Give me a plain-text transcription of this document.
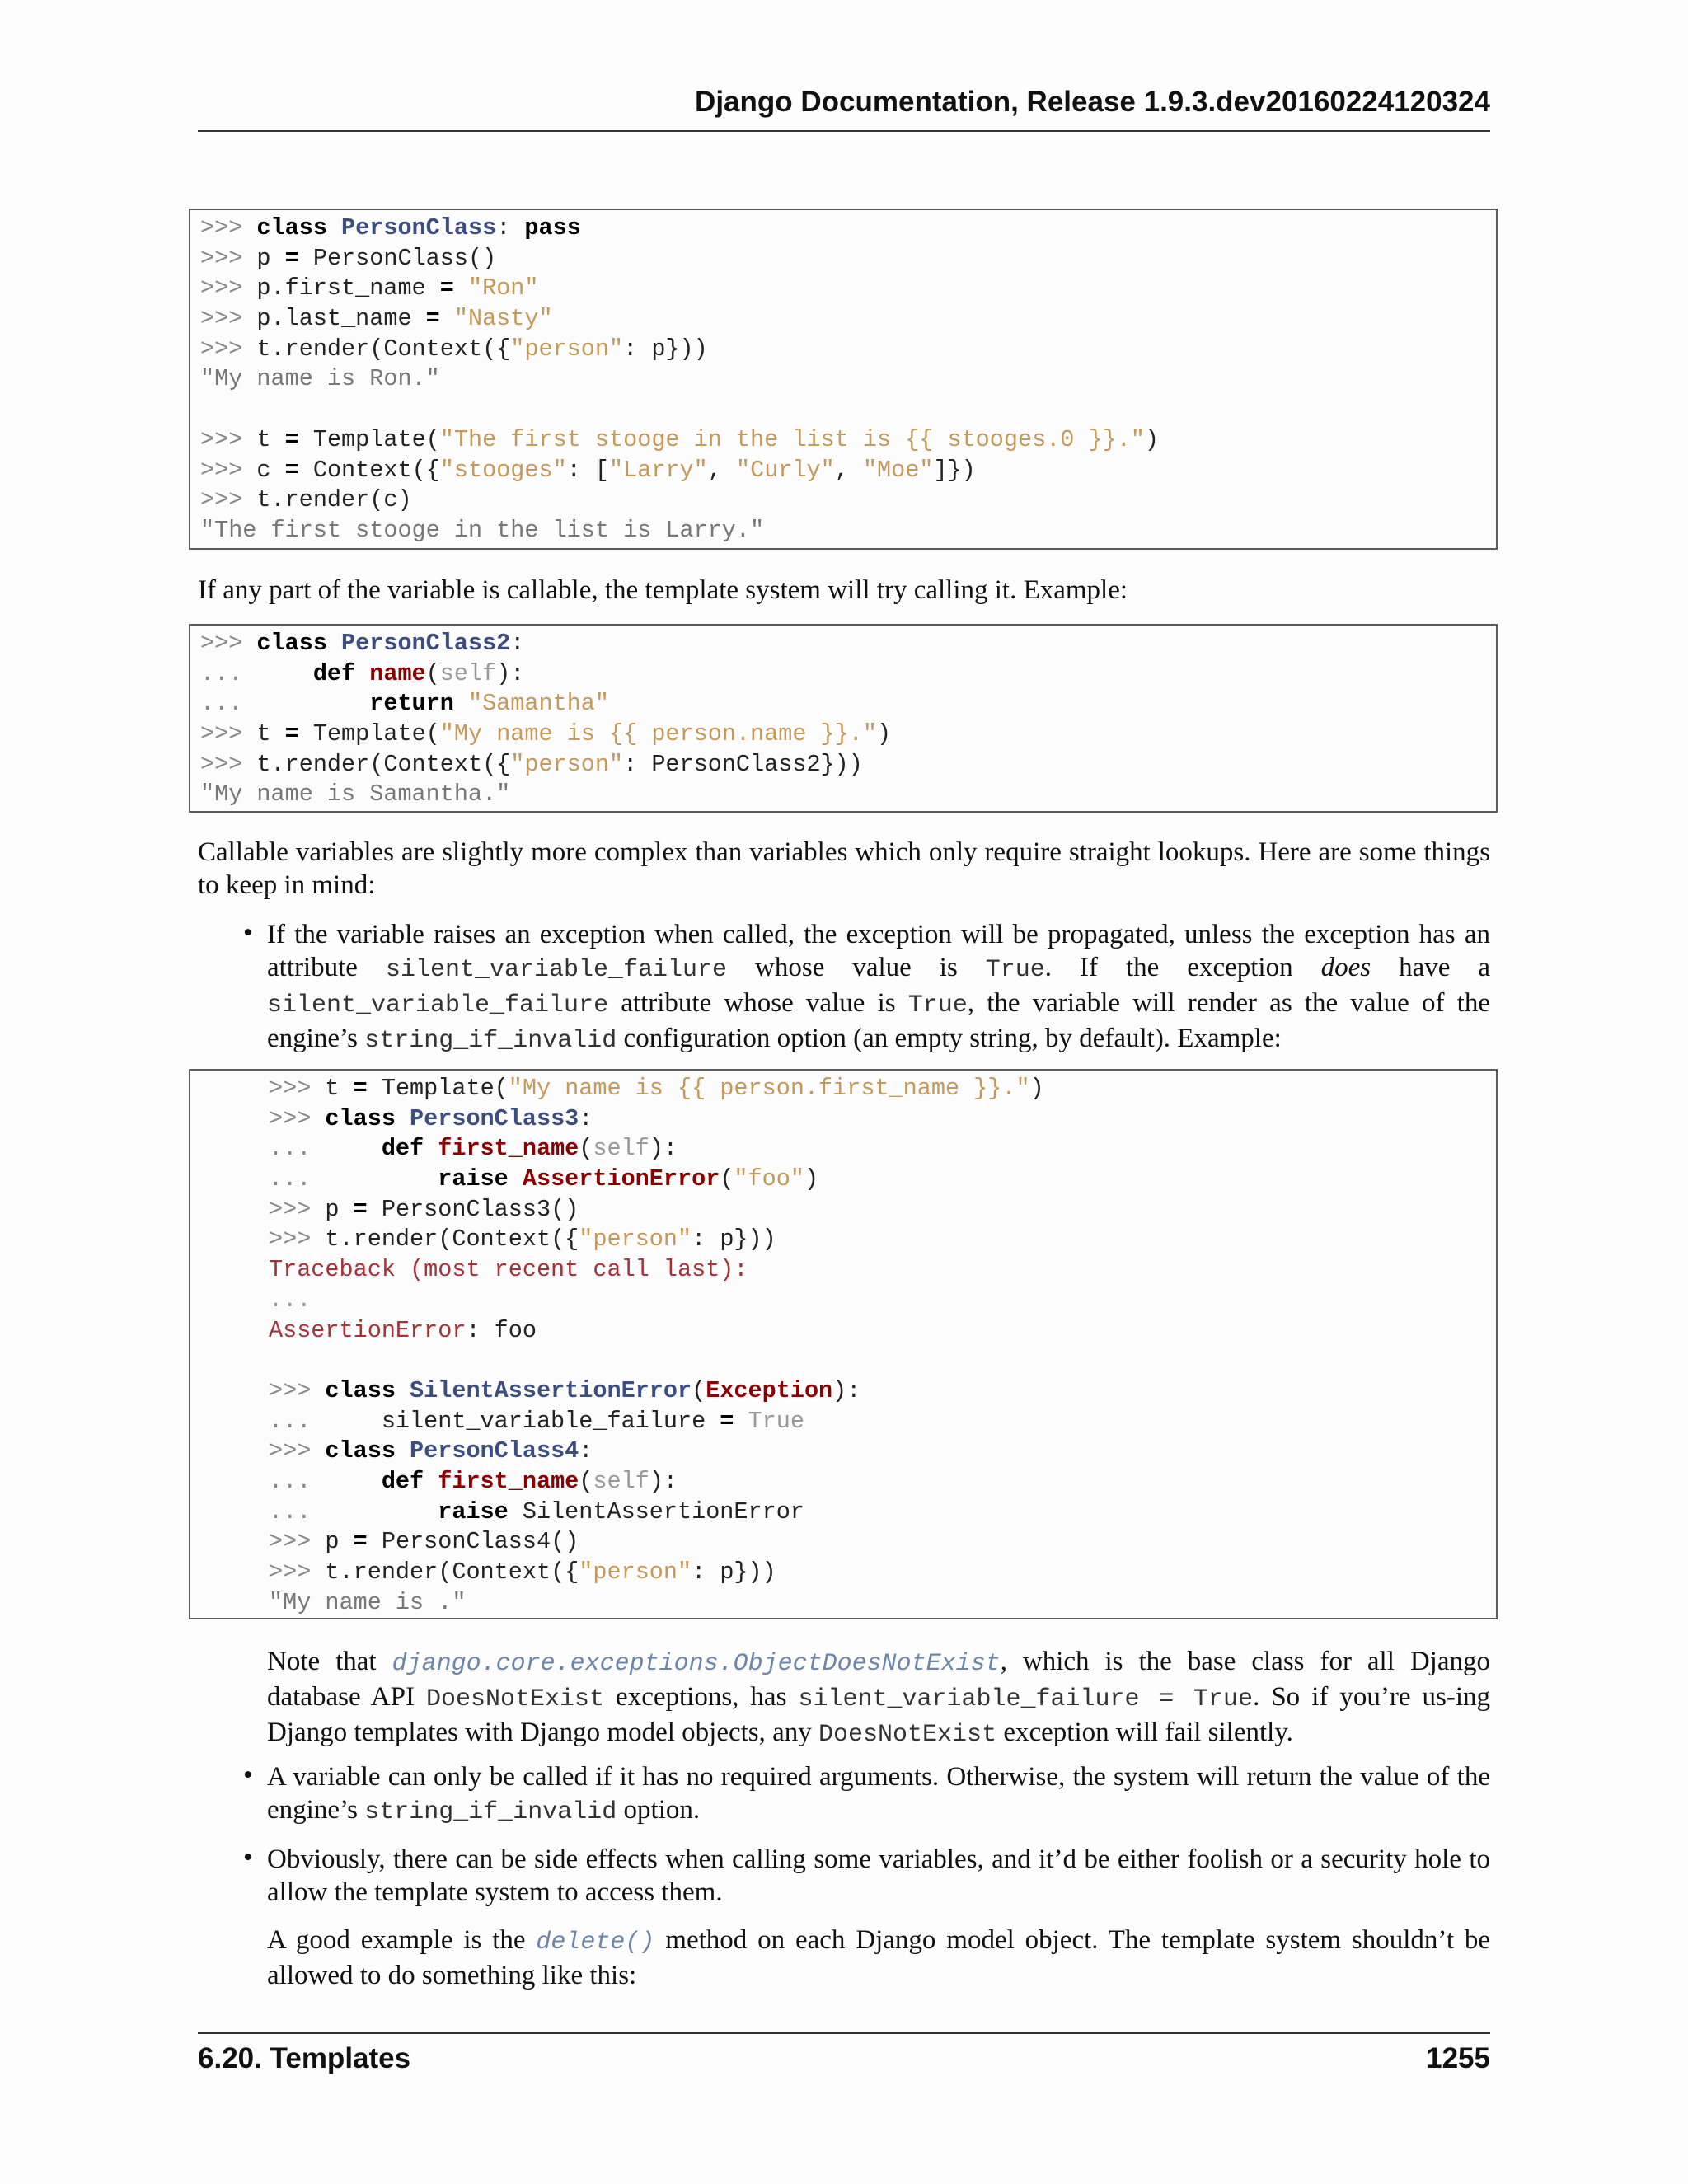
Django Documentation, Release 1.9.3.dev20160224120324
>>> class PersonClass: pass
>>> p = PersonClass()
>>> p.first_name = "Ron"
>>> p.last_name = "Nasty"
>>> t.render(Context({"person": p}))
"My name is Ron."
>>> t = Template("The first stooge in the list is {{ stooges.0 }}.")
>>> c = Context({"stooges": ["Larry", "Curly", "Moe"]})
>>> t.render(c)
"The first stooge in the list is Larry."

If any part of the variable is callable, the template system will try calling it. Example:

>>> class PersonClass2:
...     def name(self):
...         return "Samantha"
>>> t = Template("My name is {{ person.name }}.")
>>> t.render(Context({"person": PersonClass2}))
"My name is Samantha."

Callable variables are slightly more complex than variables which only require straight lookups. Here are some things to keep in mind:

• If the variable raises an exception when called, the exception will be propagated, unless the exception has an attribute silent_variable_failure whose value is True. If the exception does have a silent_variable_failure attribute whose value is True, the variable will render as the value of the engine’s string_if_invalid configuration option (an empty string, by default). Example:

>>> t = Template("My name is {{ person.first_name }}.")
>>> class PersonClass3:
...     def first_name(self):
...         raise AssertionError("foo")
>>> p = PersonClass3()
>>> t.render(Context({"person": p}))
Traceback (most recent call last):
...
AssertionError: foo
>>> class SilentAssertionError(Exception):
...     silent_variable_failure = True
>>> class PersonClass4:
...     def first_name(self):
...         raise SilentAssertionError
>>> p = PersonClass4()
>>> t.render(Context({"person": p}))
"My name is ."

Note that django.core.exceptions.ObjectDoesNotExist, which is the base class for all Django database API DoesNotExist exceptions, has silent_variable_failure = True. So if you’re us-ing Django templates with Django model objects, any DoesNotExist exception will fail silently.

• A variable can only be called if it has no required arguments. Otherwise, the system will return the value of the engine’s string_if_invalid option.

• Obviously, there can be side effects when calling some variables, and it’d be either foolish or a security hole to allow the template system to access them.

A good example is the delete() method on each Django model object. The template system shouldn’t be allowed to do something like this:

6.20. Templates	1255
